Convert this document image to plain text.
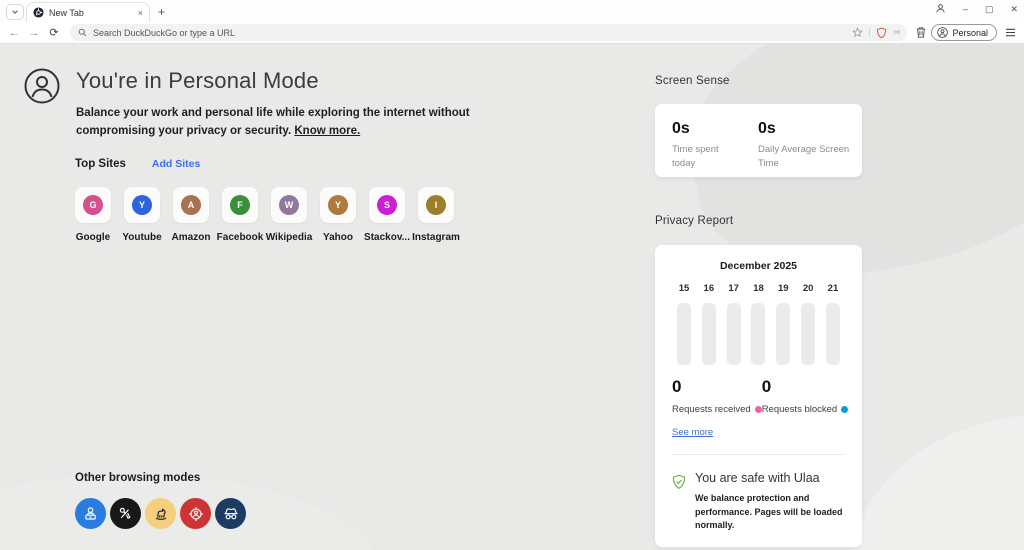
New Tab	× +	– ▢ ✕
← → ⟳	Search DuckDuckGo or type a URL	∞	Personal
You're in Personal Mode

Balance your work and personal life while exploring the internet without compromising your privacy or security. Know more.

Top Sites Add Sites
G
Google
Y
Youtube
A
Amazon
F
Facebook
W
Wikipedia
Y
Yahoo
S
Stackov...
I
Instagram
Other browsing modes
Screen Sense
0s
Time spent today
0s
Daily Average Screen Time
Privacy Report
December 2025
15 16 17 18 19 20 21
0
Requests received
0
Requests blocked
See more
You are safe with Ulaa
We balance protection and performance. Pages will be loaded normally.
